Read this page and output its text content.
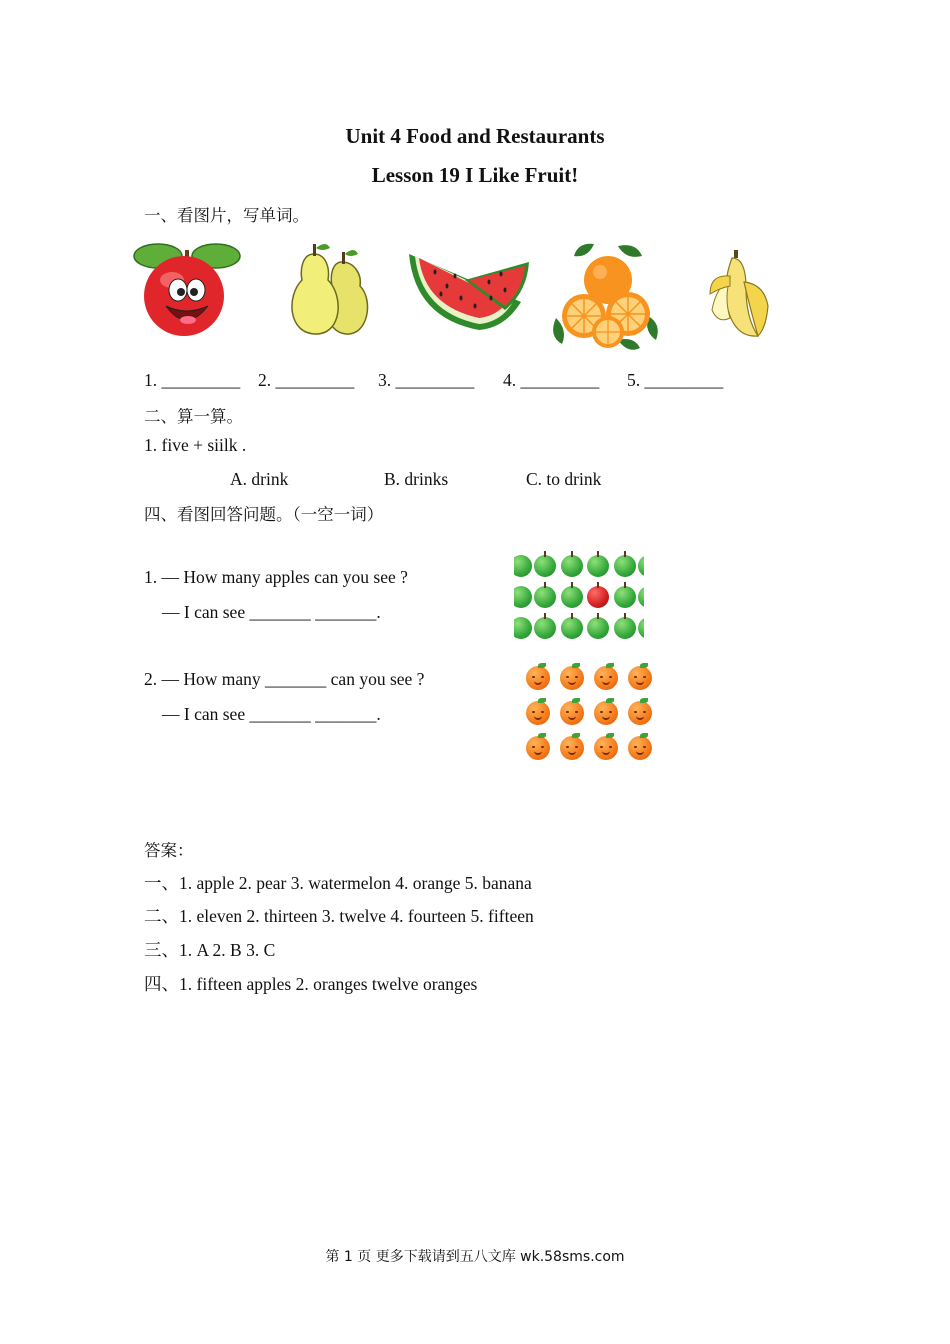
Unit 4 Food and Restaurants
Lesson 19 I Like Fruit!
一、看图片，写单词。
1. _________ 2. _________ 3. _________ 4. _________ 5. _________
二、算一算。
1. five + siilk .
A. drink	B. drinks	C. to drink
四、看图回答问题。（一空一词）
1. — How many apples can you see ?
— I can see _______ _______.
2. — How many _______ can you see ?
— I can see _______ _______.
答案：
一、1. apple 2. pear 3. watermelon 4. orange 5. banana
二、1. eleven 2. thirteen 3. twelve 4. fourteen 5. fifteen
三、1. A 2. B 3. C
四、1. fifteen apples 2. oranges twelve oranges
第 1 页 更多下载请到五八文库 wk.58sms.com
